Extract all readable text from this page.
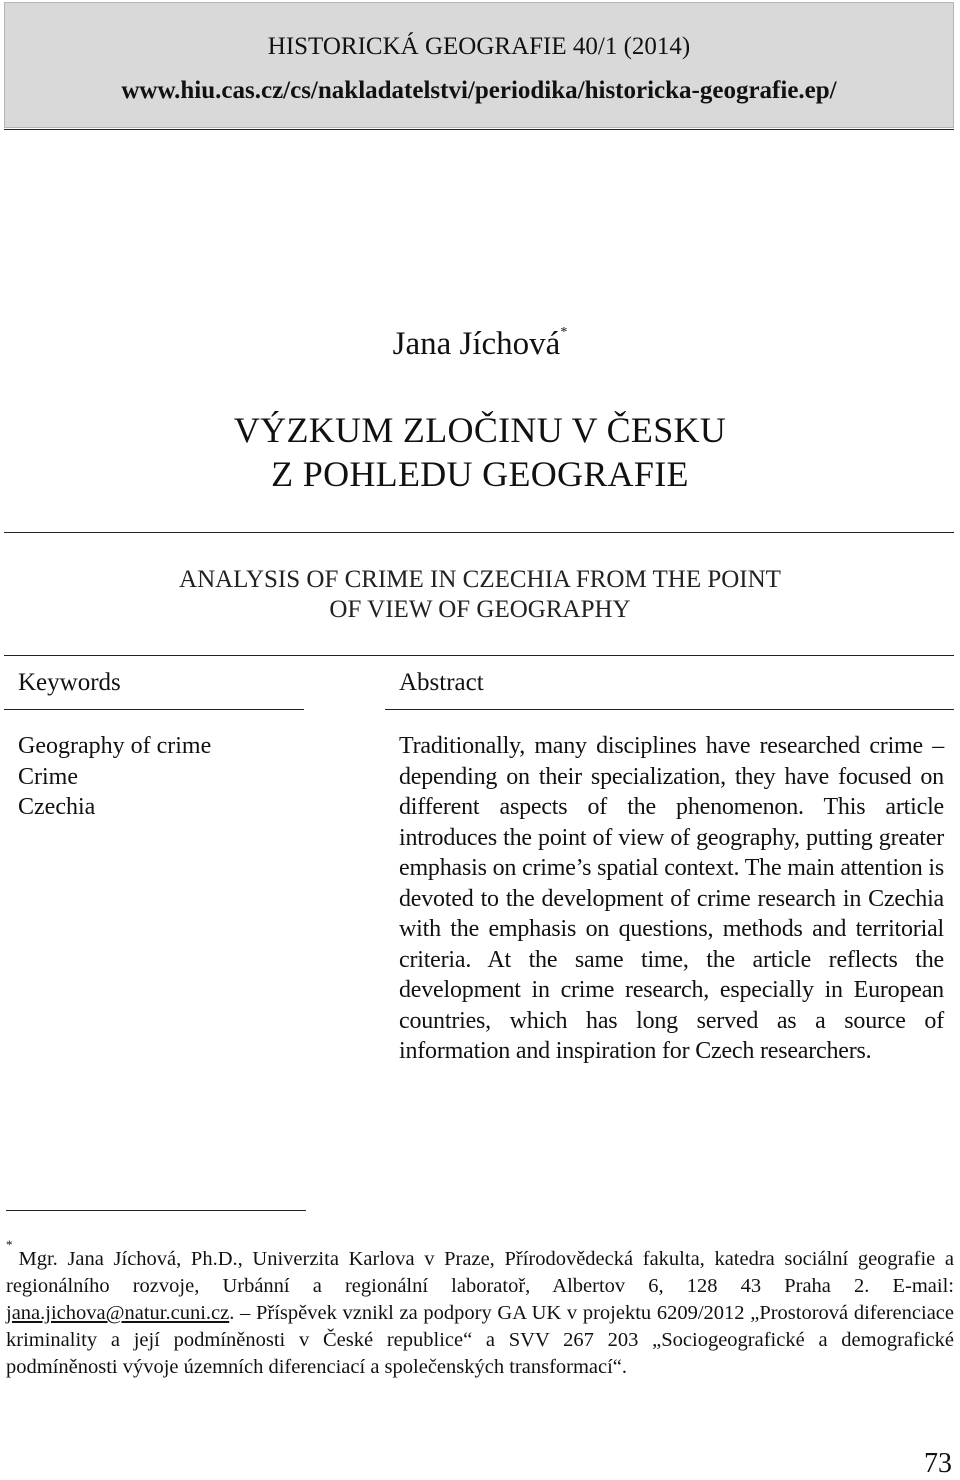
HISTORICKÁ GEOGRAFIE 40/1 (2014)
www.hiu.cas.cz/cs/nakladatelstvi/periodika/historicka-geografie.ep/
Jana Jíchová*
VÝZKUM ZLOČINU V ČESKU
Z POHLEDU GEOGRAFIE
ANALYSIS OF CRIME IN CZECHIA FROM THE POINT
OF VIEW OF GEOGRAPHY
Keywords	Abstract
Geography of crime
Crime
Czechia
Traditionally, many disciplines have researched crime – depending on their specialization, they have focused on different aspects of the phenomenon. This article introduces the point of view of geography, putting greater emphasis on crime’s spatial context. The main attention is devoted to the development of crime research in Czechia with the emphasis on questions, methods and territorial criteria. At the same time, the article reflects the development in crime research, especially in European countries, which has long served as a source of information and inspiration for Czech researchers.
*Mgr. Jana Jíchová, Ph.D., Univerzita Karlova v Praze, Přírodovědecká fakulta, katedra sociální geografie a regionálního rozvoje, Urbánní a regionální laboratoř, Albertov 6, 128 43 Praha 2. E-mail: jana.jichova@natur.cuni.cz. – Příspěvek vznikl za podpory GA UK v projektu 6209/2012 „Prostorová diferenciace kriminality a její podmíněnosti v České republice“ a SVV 267 203 „Sociogeografické a demografické podmíněnosti vývoje územních diferenciací a společenských transformací“.
73
